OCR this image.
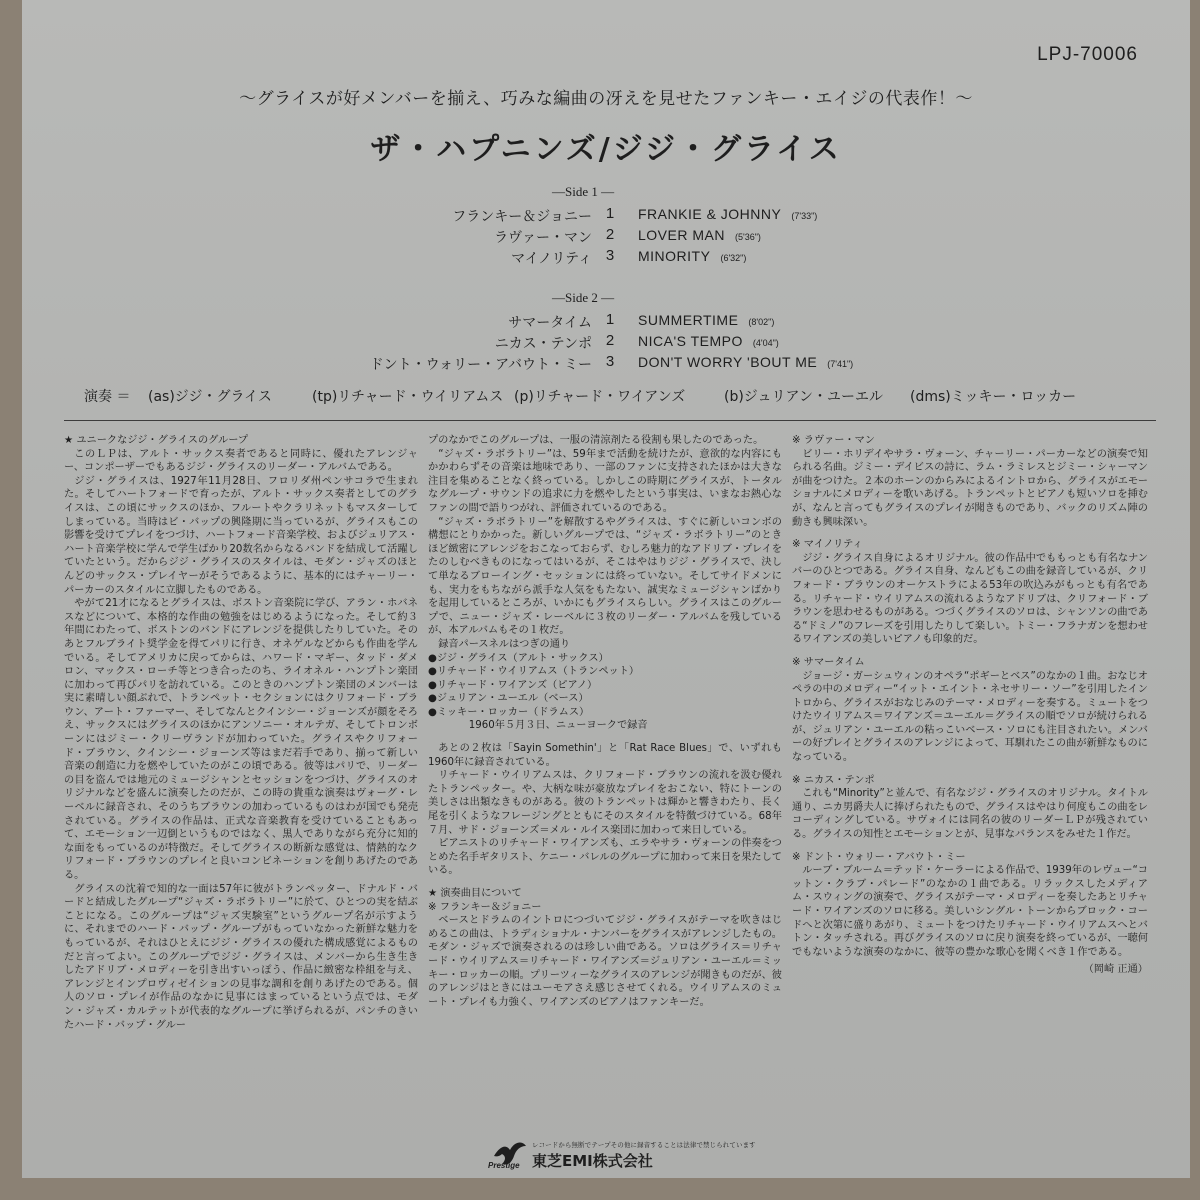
LPJ-70006
〜グライスが好メンバーを揃え、巧みな編曲の冴えを見せたファンキー・エイジの代表作！〜
ザ・ハプニンズ/ジジ・グライス
—Side 1 —
フランキー＆ジョニー 1	FRANKIE & JOHNNY (7'33")
ラヴァー・マン 2	LOVER MAN (5'36")
マイノリティ 3	MINORITY (6'32")
—Side 2 —
サマータイム 1	SUMMERTIME (8'02")
ニカス・テンポ 2	NICA'S TEMPO (4'04")
ドント・ウォリー・アバウト・ミー 3	DON'T WORRY 'BOUT ME (7'41")
演奏 ＝ (as)ジジ・グライス	(tp)リチャード・ウイリアムス (p)リチャード・ワイアンズ	(b)ジュリアン・ユーエル (dms)ミッキー・ロッカー

★ ユニークなジジ・グライスのグループ

このＬＰは、アルト・サックス奏者であると同時に、優れたアレンジャー、コンポーザーでもあるジジ・グライスのリーダー・アルバムである。

ジジ・グライスは、1927年11月28日、フロリダ州ペンサコラで生まれた。そしてハートフォードで育ったが、アルト・サックス奏者としてのグライスは、この頃にサックスのほか、フルートやクラリネットもマスターしてしまっている。当時はビ・バップの興隆期に当っているが、グライスもこの影響を受けてプレイをつづけ、ハートフォード音楽学校、およびジュリアス・ハート音楽学校に学んで学生ばかり20数名からなるバンドを結成して活躍していたという。だからジジ・グライスのスタイルは、モダン・ジャズのほとんどのサックス・プレイヤーがそうであるように、基本的にはチャーリー・パーカーのスタイルに立脚したものである。

やがて21才になるとグライスは、ボストン音楽院に学び、アラン・ホバネスなどについて、本格的な作曲の勉強をはじめるようになった。そして約３年間にわたって、ボストンのバンドにアレンジを提供したりしていた。そのあとフルブライト奨学金を得てパリに行き、オネゲルなどからも作曲を学んでいる。そしてアメリカに戻ってからは、ハワード・マギー、タッド・ダメロン、マックス・ローチ等とつき合ったのち、ライオネル・ハンプトン楽団に加わって再びパリを訪れている。このときのハンプトン楽団のメンバーは実に素晴しい顔ぶれで、トランペット・セクションにはクリフォード・ブラウン、アート・ファーマー、そしてなんとクインシー・ジョーンズが顔をそろえ、サックスにはグライスのほかにアンソニー・オルテガ、そしてトロンボーンにはジミー・クリーヴランドが加わっていた。グライスやクリフォード・ブラウン、クインシー・ジョーンズ等はまだ若手であり、揃って新しい音楽の創造に力を燃やしていたのがこの頃である。彼等はパリで、リーダーの目を盗んでは地元のミュージシャンとセッションをつづけ、グライスのオリジナルなどを盛んに演奏したのだが、この時の貴重な演奏はヴォーグ・レーベルに録音され、そのうちブラウンの加わっているものはわが国でも発売されている。グライスの作品は、正式な音楽教育を受けていることもあって、エモーション一辺倒というものではなく、黒人でありながら充分に知的な面をもっているのが特徴だ。そしてグライスの断新な感覚は、情熱的なクリフォード・ブラウンのプレイと良いコンビネーションを創りあげたのである。

グライスの沈着で知的な一面は57年に彼がトランペッター、ドナルド・バードと結成したグループ“ジャズ・ラボラトリー”に於て、ひとつの実を結ぶことになる。このグループは“ジャズ実験室”というグループ名が示すように、それまでのハード・バップ・グループがもっていなかった新鮮な魅力をもっているが、それはひとえにジジ・グライスの優れた構成感覚によるものだと言ってよい。このグループでジジ・グライスは、メンバーから生き生きしたアドリブ・メロディーを引き出すいっぽう、作品に緻密な枠組を与え、アレンジとインプロヴィゼイションの見事な調和を創りあげたのである。個人のソロ・プレイが作品のなかに見事にはまっているという点では、モダン・ジャズ・カルテットが代表的なグループに挙げられるが、パンチのきいたハード・バップ・グルー

プのなかでこのグループは、一服の清涼剤たる役割も果したのであった。

“ジャズ・ラボラトリー”は、59年まで活動を続けたが、意欲的な内容にもかかわらずその音楽は地味であり、一部のファンに支持されたほかは大きな注目を集めることなく終っている。しかしこの時期にグライスが、トータルなグループ・サウンドの追求に力を燃やしたという事実は、いまなお熱心なファンの間で語りつがれ、評価されているのである。

“ジャズ・ラボラトリー”を解散するやグライスは、すぐに新しいコンボの構想にとりかかった。新しいグループでは、“ジャズ・ラボラトリー”のときほど緻密にアレンジをおこなっておらず、むしろ魅力的なアドリブ・プレイをたのしむべきものになってはいるが、そこはやはりジジ・グライスで、決して単なるブローイング・セッションには終っていない。そしてサイドメンにも、実力をもちながら派手な人気をもたない、誠実なミュージシャンばかりを起用しているところが、いかにもグライスらしい。グライスはこのグループで、ニュー・ジャズ・レーベルに３枚のリーダー・アルバムを残しているが、本アルバムもその１枚だ。

録音パースネルはつぎの通り

●ジジ・グライス（アルト・サックス）

●リチャード・ウイリアムス（トランペット）

●リチャード・ワイアンズ（ピアノ）

●ジュリアン・ユーエル（ベース）

●ミッキー・ロッカー（ドラムス）

1960年５月３日、ニューヨークで録音

あとの２枚は「Sayin Somethin'」と「Rat Race Blues」で、いずれも1960年に録音されている。

リチャード・ウイリアムスは、クリフォード・ブラウンの流れを汲む優れたトランペッター。や、大柄な味が豪放なプレイをおこない、特にトーンの美しさは出類なきものがある。彼のトランペットは輝かと響きわたり、長く尾を引くようなフレージングとともにそのスタイルを特徴づけている。68年７月、サド・ジョーンズ＝メル・ルイス楽団に加わって来日している。

ピアニストのリチャード・ワイアンズも、エラやサラ・ヴォーンの伴奏をつとめた名手ギタリスト、ケニー・バレルのグループに加わって来日を果たしている。

★ 演奏曲目について

※ フランキー＆ジョニー

ベースとドラムのイントロにつづいてジジ・グライスがテーマを吹きはじめるこの曲は、トラディショナル・ナンバーをグライスがアレンジしたもの。モダン・ジャズで演奏されるのは珍しい曲である。ソロはグライス＝リチャード・ウイリアムス＝リチャード・ワイアンズ＝ジュリアン・ユーエル＝ミッキー・ロッカーの順。プリーツィーなグライスのアレンジが聞きものだが、彼のアレンジはときにはユーモアさえ感じさせてくれる。ウイリアムスのミュート・プレイも力強く、ワイアンズのピアノはファンキーだ。

※ ラヴァー・マン

ビリー・ホリデイやサラ・ヴォーン、チャーリー・パーカーなどの演奏で知られる名曲。ジミー・デイビスの詩に、ラム・ラミレスとジミー・シャーマンが曲をつけた。２本のホーンのからみによるイントロから、グライスがエモーショナルにメロディーを歌いあげる。トランペットとピアノも短いソロを挿むが、なんと言ってもグライスのプレイが聞きものであり、バックのリズム陣の動きも興味深い。

※ マイノリティ

ジジ・グライス自身によるオリジナル。彼の作品中でももっとも有名なナンバーのひとつである。グライス自身、なんどもこの曲を録音しているが、クリフォード・ブラウンのオーケストラによる53年の吹込みがもっとも有名である。リチャード・ウイリアムスの流れるようなアドリブは、クリフォード・ブラウンを思わせるものがある。つづくグライスのソロは、シャンソンの曲である“ドミノ”のフレーズを引用したりして楽しい。トミー・フラナガンを想わせるワイアンズの美しいピアノも印象的だ。

※ サマータイム

ジョージ・ガーシュウィンのオペラ“ポギーとベス”のなかの１曲。おなじオペラの中のメロディー“イット・エイント・ネセサリー・ソー”を引用したイントロから、グライスがおなじみのテーマ・メロディーを奏する。ミュートをつけたウイリアムス＝ワイアンズ＝ユーエル＝グライスの順でソロが続けられるが、ジュリアン・ユーエルの粘っこいベース・ソロにも注目されたい。メンバーの好プレイとグライスのアレンジによって、耳馴れたこの曲が新鮮なものになっている。

※ ニカス・テンポ

これも“Minority”と並んで、有名なジジ・グライスのオリジナル。タイトル通り、ニカ男爵夫人に捧げられたもので、グライスはやはり何度もこの曲をレコーディングしている。サヴォイには同名の彼のリーダーＬＰが残されている。グライスの知性とエモーションとが、見事なバランスをみせた１作だ。

※ ドント・ウォリー・アバウト・ミー

ルーブ・ブルーム＝テッド・ケーラーによる作品で、1939年のレヴュー“コットン・クラブ・パレード”のなかの１曲である。リラックスしたメディアム・スウィングの演奏で、グライスがテーマ・メロディーを奏したあとリチャード・ワイアンズのソロに移る。美しいシングル・トーンからブロック・コードへと次第に盛りあがり、ミュートをつけたリチャード・ウイリアムスへとバトン・タッチされる。再びグライスのソロに戻り演奏を終っているが、一聴何でもないような演奏のなかに、彼等の豊かな歌心を聞くべき１作である。

（岡崎 正通）
Prestige
レコードから無断でテープその他に録音することは法律で禁じられています
東芝EMI株式会社
